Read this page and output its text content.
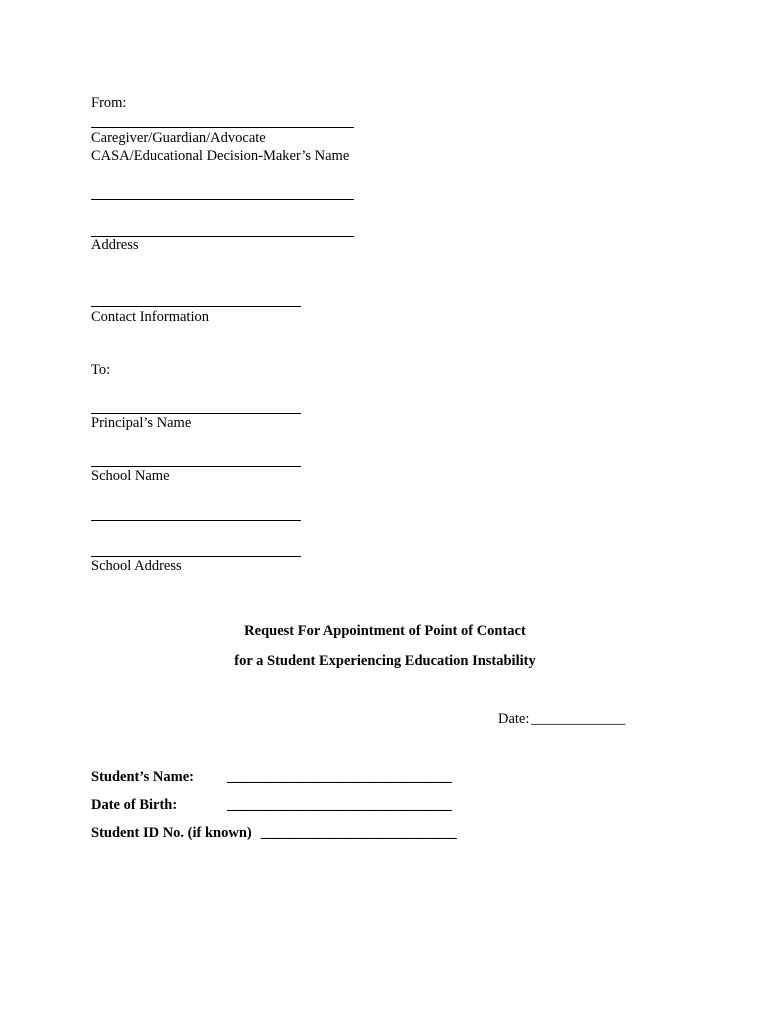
From:
Caregiver/Guardian/Advocate
CASA/Educational Decision-Maker’s Name
Address
Contact Information
To:
Principal’s Name
School Name
School Address
Request For Appointment of Point of Contact
for a Student Experiencing Education Instability
Date: _____________
Student’s Name: _______________________________
Date of Birth:	_______________________________
Student ID No. (if known) ___________________________
